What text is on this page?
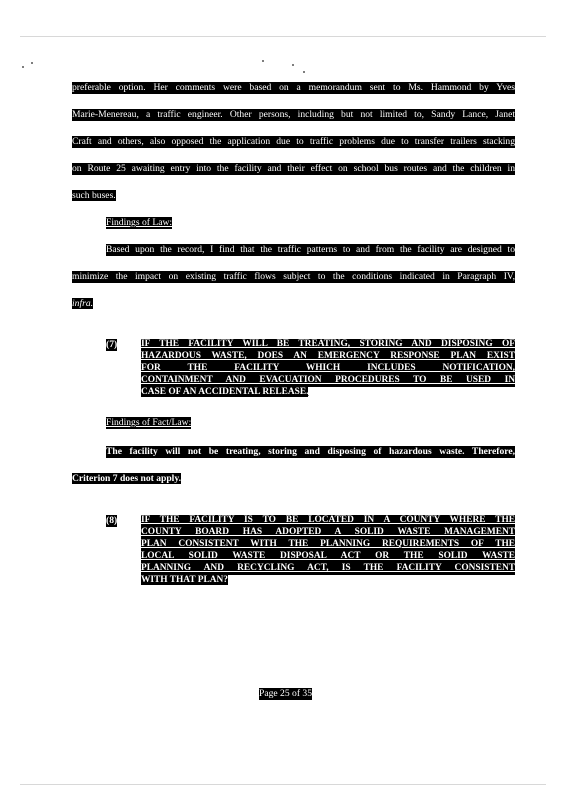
preferable option. Her comments were based on a memorandum sent to Ms. Hammond by Yves
Marie-Menereau, a traffic engineer. Other persons, including but not limited to, Sandy Lance, Janet
Craft and others, also opposed the application due to traffic problems due to transfer trailers stacking
on Route 25 awaiting entry into the facility and their effect on school bus routes and the children in
such buses.
Findings of Law:
Based upon the record, I find that the traffic patterns to and from the facility are designed to
minimize the impact on existing traffic flows subject to the conditions indicated in Paragraph IV,
infra.
(7)	IF THE FACILITY WILL BE TREATING, STORING AND DISPOSING OF
HAZARDOUS WASTE, DOES AN EMERGENCY RESPONSE PLAN EXIST
FOR THE FACILITY WHICH INCLUDES NOTIFICATION,
CONTAINMENT AND EVACUATION PROCEDURES TO BE USED IN
CASE OF AN ACCIDENTAL RELEASE.
Findings of Fact/Law:
The facility will not be treating, storing and disposing of hazardous waste. Therefore,
Criterion 7 does not apply.
(8)	IF THE FACILITY IS TO BE LOCATED IN A COUNTY WHERE THE
COUNTY BOARD HAS ADOPTED A SOLID WASTE MANAGEMENT
PLAN CONSISTENT WITH THE PLANNING REQUIREMENTS OF THE
LOCAL SOLID WASTE DISPOSAL ACT OR THE SOLID WASTE
PLANNING AND RECYCLING ACT, IS THE FACILITY CONSISTENT
WITH THAT PLAN?
Page 25 of 35
